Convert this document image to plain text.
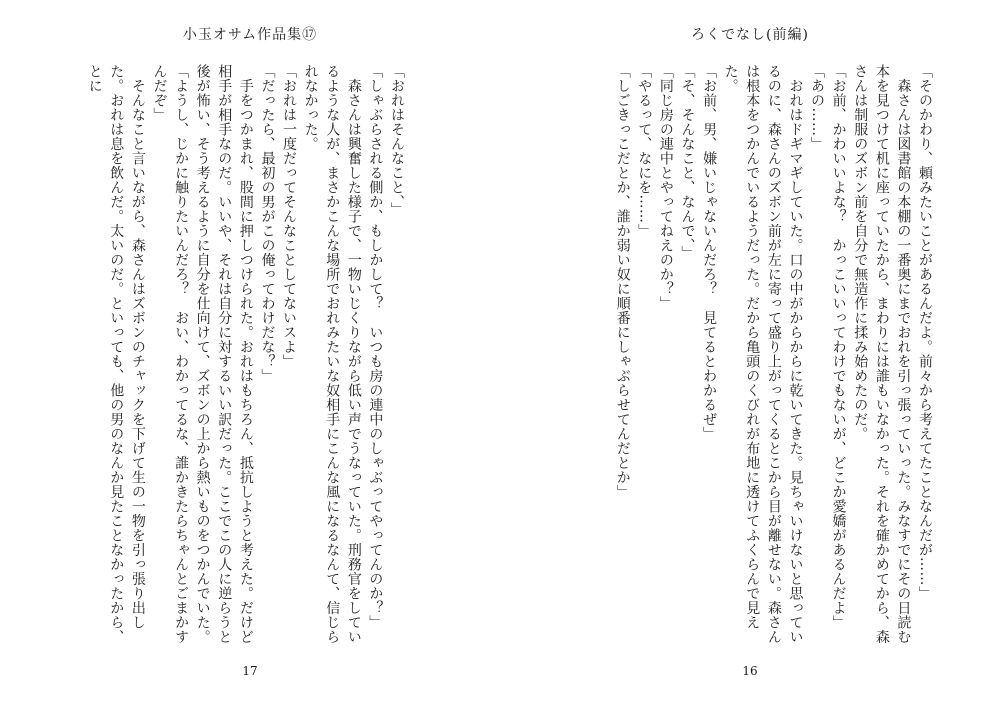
小玉オサム作品集⑰

「おれはそんなこと、」

「しゃぶらされる側か、もしかして？　いつも房の連中のしゃぶってやってんのか？」

　森さんは興奮した様子で、一物いじくりながら低い声でうなっていた。刑務官をしているような人が、まさかこんな場所でおれみたいな奴相手にこんな風になるなんて、信じられなかった。

「おれは一度だってそんなことしてないスよ」

「だったら、最初の男がこの俺ってわけだな？」

　手をつかまれ、股間に押しつけられた。おれはもちろん、抵抗しようと考えた。だけど相手が相手なのだ。いいや、それは自分に対するいい訳だった。ここでこの人に逆らうと後が怖い、そう考えるように自分を仕向けて、ズボンの上から熱いものをつかんでいた。

「ようし、じかに触りたいんだろ？　おい、わかってるな、誰かきたらちゃんとごまかすんだぞ」

　そんなこと言いながら、森さんはズボンのチャックを下げて生の一物を引っ張り出した。おれは息を飲んだ。太いのだ。といっても、他の男のなんか見たことなかったから、とに

17
ろくでなし(前編)
16

「そのかわり、頼みたいことがあるんだよ。前々から考えてたことなんだが……」

　森さんは図書館の本棚の一番奥にまでおれを引っ張っていった。みなすでにその日読む本を見つけて机に座っていたから、まわりには誰もいなかった。それを確かめてから、森さんは制服のズボン前を自分で無造作に揉み始めたのだ。

「お前、かわいいよな？　かっこいいってわけでもないが、どこか愛嬌があるんだよ」

「あの……」

　おれはドギマギしていた。口の中がからからに乾いてきた。見ちゃいけないと思っているのに、森さんのズボン前が左に寄って盛り上がってくるとこから目が離せない。森さんは根本をつかんでいるようだった。だから亀頭のくびれが布地に透けてふくらんで見えた。

「お前、男、嫌いじゃないんだろ？　見てるとわかるぜ」

「そ、そんなこと、なんで、」

「同じ房の連中とやってねえのか？」

「やるって、なにを……」

「しごきっこだとか、誰か弱い奴に順番にしゃぶらせてんだとか」
